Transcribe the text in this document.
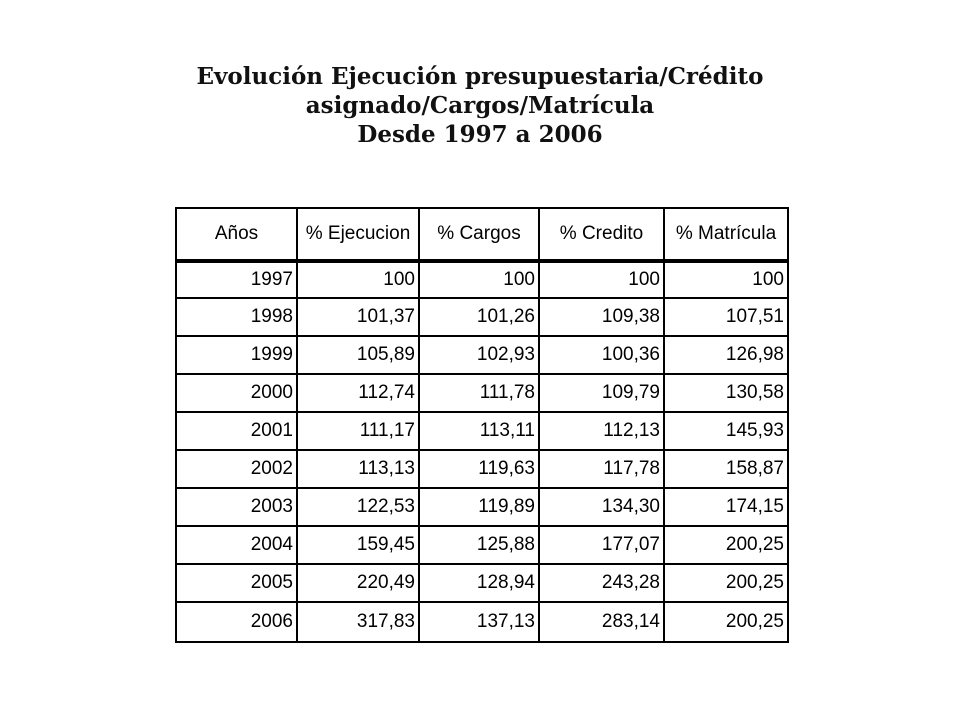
Evolución Ejecución presupuestaria/Crédito
asignado/Cargos/Matrícula
Desde 1997 a 2006
Años	% Ejecucion	% Cargos	% Credito	% Matrícula
1997	100	100	100	100
1998	101,37	101,26	109,38	107,51
1999	105,89	102,93	100,36	126,98
2000	112,74	111,78	109,79	130,58
2001	111,17	113,11	112,13	145,93
2002	113,13	119,63	117,78	158,87
2003	122,53	119,89	134,30	174,15
2004	159,45	125,88	177,07	200,25
2005	220,49	128,94	243,28	200,25
2006	317,83	137,13	283,14	200,25
